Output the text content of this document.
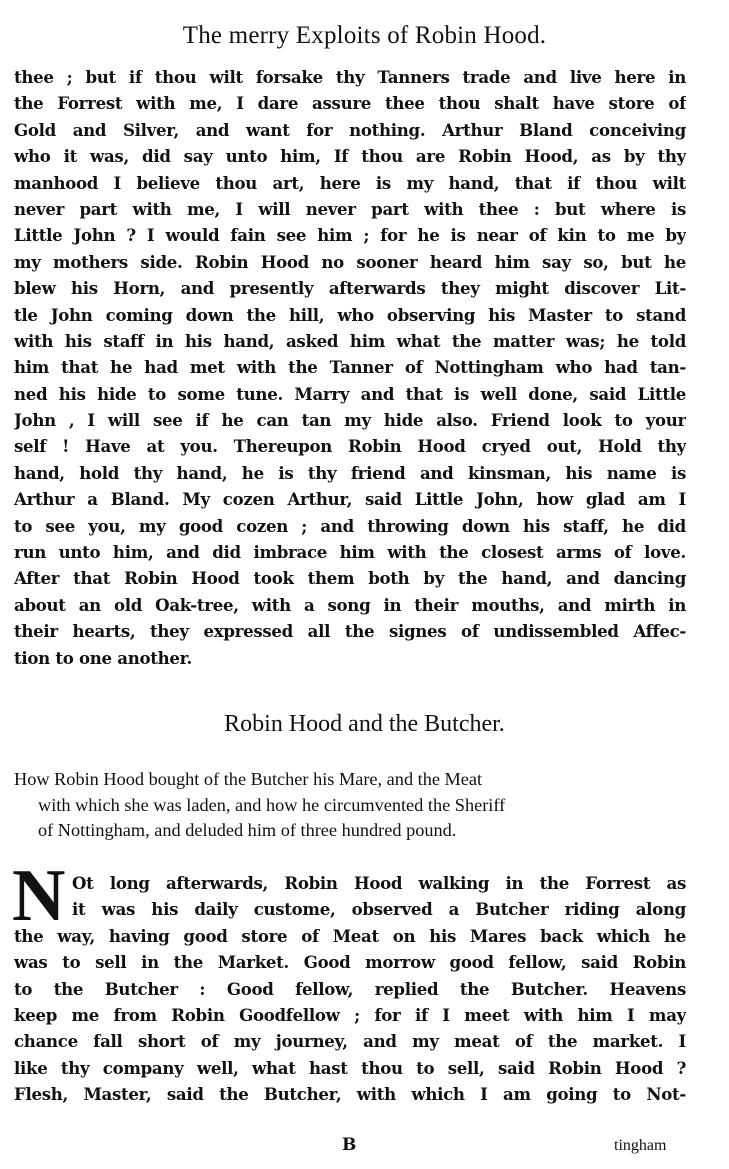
The merry Exploits of Robin Hood.
thee ; but if thou wilt forsake thy Tanners trade and live here in
the Forrest with me, I dare assure thee thou shalt have store of
Gold and Silver, and want for nothing. Arthur Bland conceiving
who it was, did say unto him, If thou are Robin Hood, as by thy
manhood I believe thou art, here is my hand, that if thou wilt
never part with me, I will never part with thee : but where is
Little John ? I would fain see him ; for he is near of kin to me by
my mothers side. Robin Hood no sooner heard him say so, but he
blew his Horn, and presently afterwards they might discover Lit-
tle John coming down the hill, who observing his Master to stand
with his staff in his hand, asked him what the matter was; he told
him that he had met with the Tanner of Nottingham who had tan-
ned his hide to some tune. Marry and that is well done, said Little
John , I will see if he can tan my hide also. Friend look to your
self ! Have at you. Thereupon Robin Hood cryed out, Hold thy
hand, hold thy hand, he is thy friend and kinsman, his name is
Arthur a Bland. My cozen Arthur, said Little John, how glad am I
to see you, my good cozen ; and throwing down his staff, he did
run unto him, and did imbrace him with the closest arms of love.
After that Robin Hood took them both by the hand, and dancing
about an old Oak-tree, with a song in their mouths, and mirth in
their hearts, they expressed all the signes of undissembled Affec-
tion to one another.
Robin Hood and the Butcher.
How Robin Hood bought of the Butcher his Mare, and the Meat
with which she was laden, and how he circumvented the Sheriff
of Nottingham, and deluded him of three hundred pound.
N Ot long afterwards, Robin Hood walking in the Forrest as
it was his daily custome, observed a Butcher riding along
the way, having good store of Meat on his Mares back which he
was to sell in the Market. Good morrow good fellow, said Robin
to the Butcher : Good fellow, replied the Butcher. Heavens
keep me from Robin Goodfellow ; for if I meet with him I may
chance fall short of my journey, and my meat of the market. I
like thy company well, what hast thou to sell, said Robin Hood ?
Flesh, Master, said the Butcher, with which I am going to Not-
B	tingham
